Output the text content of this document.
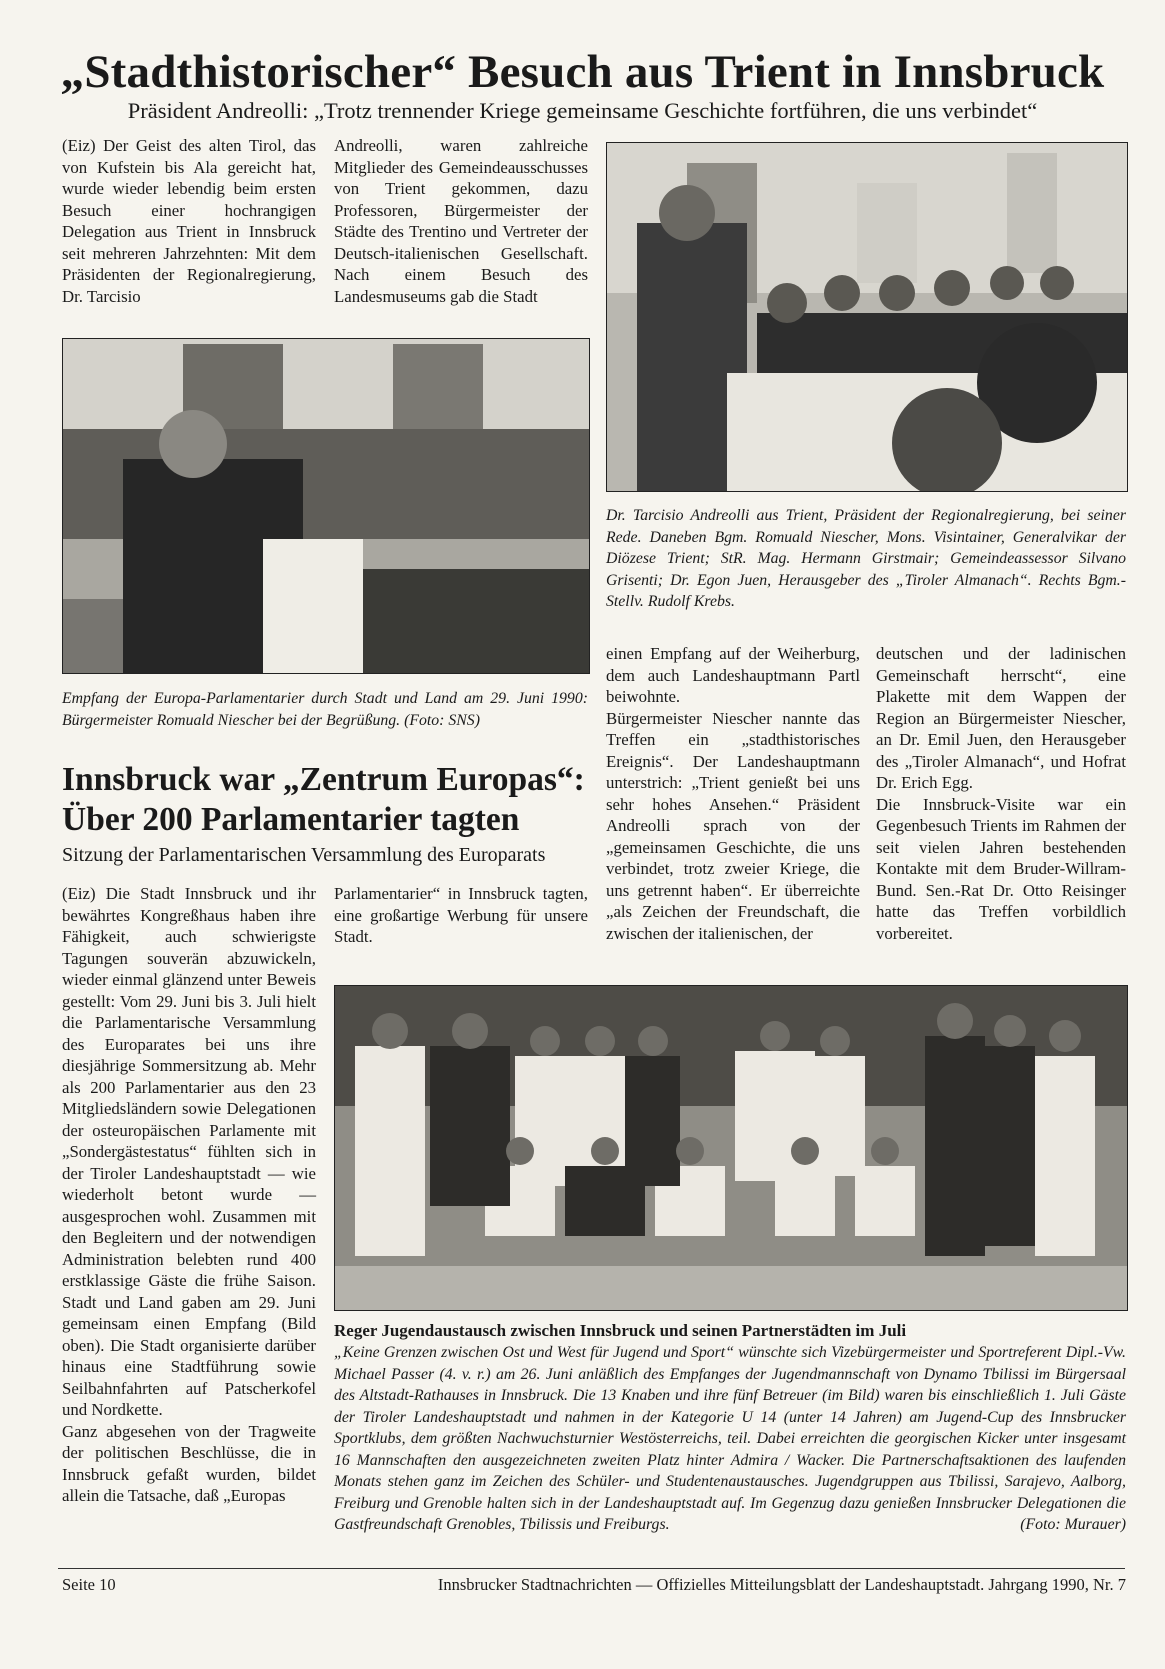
„Stadthistorischer“ Besuch aus Trient in Innsbruck
Präsident Andreolli: „Trotz trennender Kriege gemeinsame Geschichte fortführen, die uns verbindet“

(Eiz) Der Geist des alten Tirol, das von Kufstein bis Ala gereicht hat, wurde wieder lebendig beim ersten Besuch einer hochrangigen Delegation aus Trient in Innsbruck seit mehreren Jahrzehnten: Mit dem Präsidenten der Regionalregierung, Dr. Tarcisio

Andreolli, waren zahlreiche Mitglieder des Gemeindeausschusses von Trient gekommen, dazu Professoren, Bürgermeister der Städte des Trentino und Vertreter der Deutsch-italienischen Gesellschaft. Nach einem Besuch des Landesmuseums gab die Stadt

Dr. Tarcisio Andreolli aus Trient, Präsident der Regionalregierung, bei seiner Rede. Daneben Bgm. Romuald Niescher, Mons. Visintainer, Generalvikar der Diözese Trient; StR. Mag. Hermann Girstmair; Gemeindeassessor Silvano Grisenti; Dr. Egon Juen, Herausgeber des „Tiroler Almanach“. Rechts Bgm.-Stellv. Rudolf Krebs.
Empfang der Europa-Parlamentarier durch Stadt und Land am 29. Juni 1990: Bürgermeister Romuald Niescher bei der Begrüßung. (Foto: SNS)

einen Empfang auf der Weiherburg, dem auch Landeshauptmann Partl beiwohnte.

Bürgermeister Niescher nannte das Treffen ein „stadthistorisches Ereignis“. Der Landeshauptmann unterstrich: „Trient genießt bei uns sehr hohes Ansehen.“ Präsident Andreolli sprach von der „gemeinsamen Geschichte, die uns verbindet, trotz zweier Kriege, die uns getrennt haben“. Er überreichte „als Zeichen der Freundschaft, die zwischen der italienischen, der

deutschen und der ladinischen Gemeinschaft herrscht“, eine Plakette mit dem Wappen der Region an Bürgermeister Niescher, an Dr. Emil Juen, den Herausgeber des „Tiroler Almanach“, und Hofrat Dr. Erich Egg.

Die Innsbruck-Visite war ein Gegenbesuch Trients im Rahmen der seit vielen Jahren bestehenden Kontakte mit dem Bruder-Willram-Bund. Sen.-Rat Dr. Otto Reisinger hatte das Treffen vorbildlich vorbereitet.

Innsbruck war „Zentrum Europas“:
Über 200 Parlamentarier tagten
Sitzung der Parlamentarischen Versammlung des Europarats

(Eiz) Die Stadt Innsbruck und ihr bewährtes Kongreßhaus haben ihre Fähigkeit, auch schwierigste Tagungen souverän abzuwickeln, wieder einmal glänzend unter Beweis gestellt: Vom 29. Juni bis 3. Juli hielt die Parlamentarische Versammlung des Europarates bei uns ihre diesjährige Sommersitzung ab. Mehr als 200 Parlamentarier aus den 23 Mitgliedsländern sowie Delegationen der osteuropäischen Parlamente mit „Sondergästestatus“ fühlten sich in der Tiroler Landeshauptstadt — wie wiederholt betont wurde — ausgesprochen wohl. Zusammen mit den Begleitern und der notwendigen Administration belebten rund 400 erstklassige Gäste die frühe Saison. Stadt und Land gaben am 29. Juni gemeinsam einen Empfang (Bild oben). Die Stadt organisierte darüber hinaus eine Stadtführung sowie Seilbahnfahrten auf Patscherkofel und Nordkette.

Ganz abgesehen von der Tragweite der politischen Beschlüsse, die in Innsbruck gefaßt wurden, bildet allein die Tatsache, daß „Europas

Parlamentarier“ in Innsbruck tagten, eine großartige Werbung für unsere Stadt.

Reger Jugendaustausch zwischen Innsbruck und seinen Partnerstädten im Juli
„Keine Grenzen zwischen Ost und West für Jugend und Sport“ wünschte sich Vizebürgermeister und Sportreferent Dipl.-Vw. Michael Passer (4. v. r.) am 26. Juni anläßlich des Empfanges der Jugendmannschaft von Dynamo Tbilissi im Bürgersaal des Altstadt-Rathauses in Innsbruck. Die 13 Knaben und ihre fünf Betreuer (im Bild) waren bis einschließlich 1. Juli Gäste der Tiroler Landeshauptstadt und nahmen in der Kategorie U 14 (unter 14 Jahren) am Jugend-Cup des Innsbrucker Sportklubs, dem größten Nachwuchsturnier Westösterreichs, teil. Dabei erreichten die georgischen Kicker unter insgesamt 16 Mannschaften den ausgezeichneten zweiten Platz hinter Admira / Wacker. Die Partnerschaftsaktionen des laufenden Monats stehen ganz im Zeichen des Schüler- und Studentenaustausches. Jugendgruppen aus Tbilissi, Sarajevo, Aalborg, Freiburg und Grenoble halten sich in der Landeshauptstadt auf. Im Gegenzug dazu genießen Innsbrucker Delegationen die Gastfreundschaft Grenobles, Tbilissis und Freiburgs.	(Foto: Murauer)
Seite 10	Innsbrucker Stadtnachrichten — Offizielles Mitteilungsblatt der Landeshauptstadt. Jahrgang 1990, Nr. 7
